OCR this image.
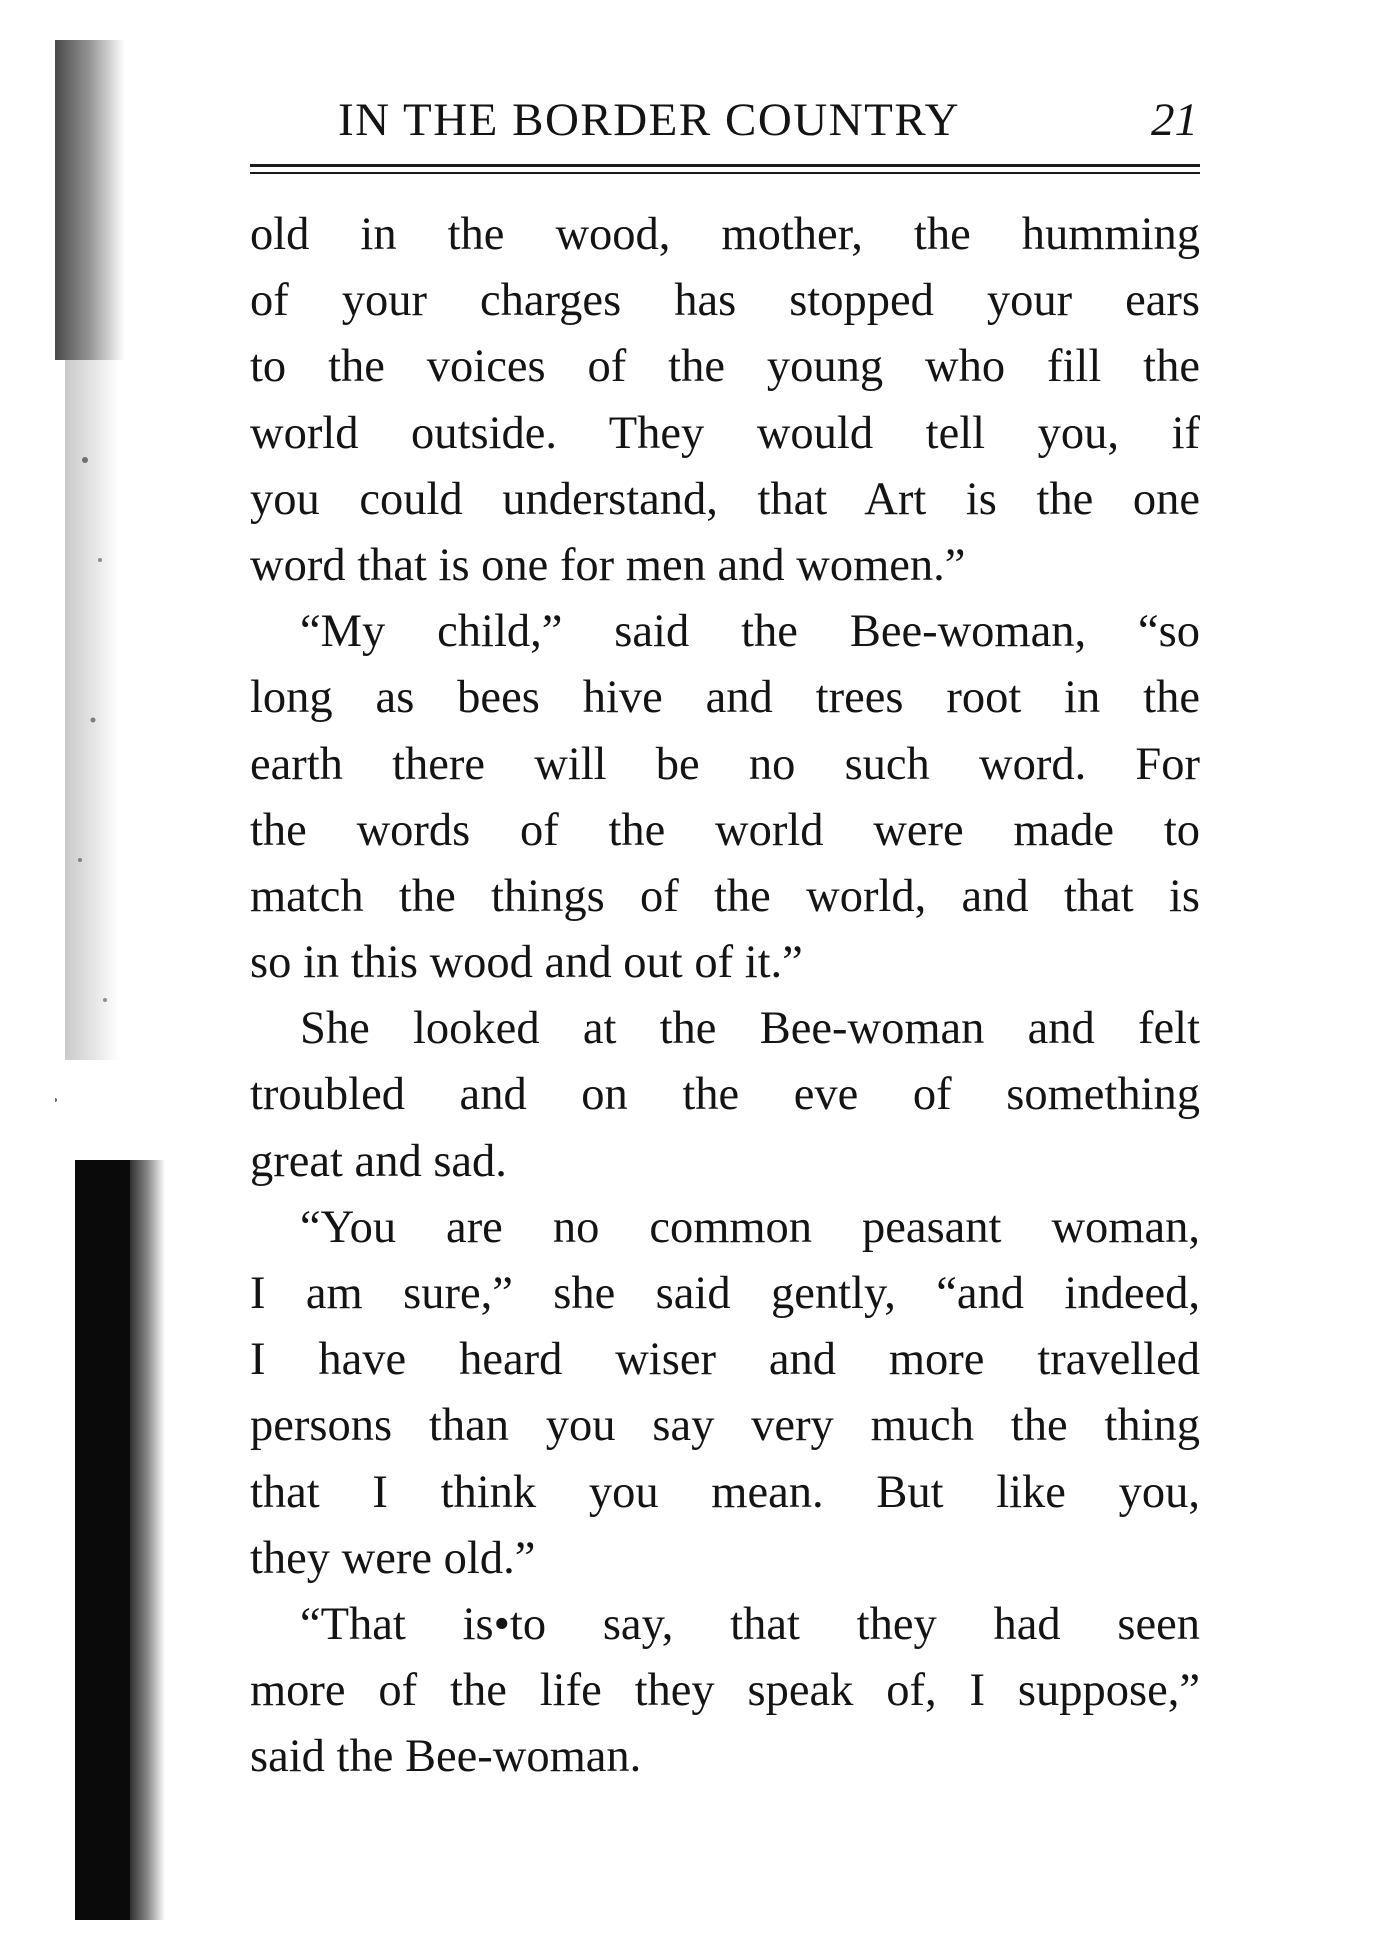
IN THE BORDER COUNTRY	21
old in the wood, mother, the humming
of your charges has stopped your ears
to the voices of the young who fill the
world outside. They would tell you, if
you could understand, that Art is the one
word that is one for men and women.”
“My child,” said the Bee-woman, “so
long as bees hive and trees root in the
earth there will be no such word. For
the words of the world were made to
match the things of the world, and that is
so in this wood and out of it.”
She looked at the Bee-woman and felt
troubled and on the eve of something
great and sad.
“You are no common peasant woman,
I am sure,” she said gently, “and indeed,
I have heard wiser and more travelled
persons than you say very much the thing
that I think you mean. But like you,
they were old.”
“That is•to say, that they had seen
more of the life they speak of, I suppose,”
said the Bee-woman.
